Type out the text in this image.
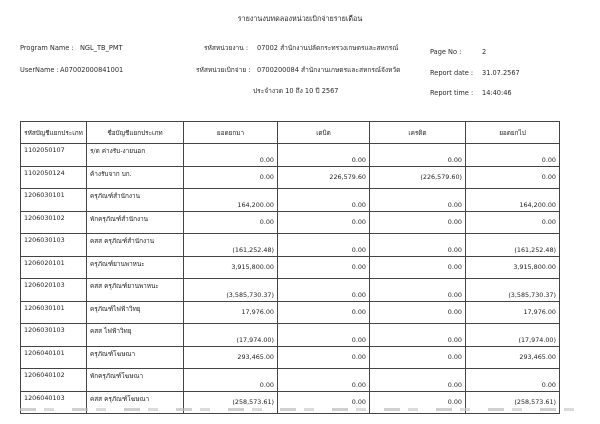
รายงานงบทดลองหน่วยเบิกจ่ายรายเดือน
Program Name : NGL_TB_PMT
UserName : A07002000841001
รหัสหน่วยงาน : 07002 สำนักงานปลัดกระทรวงเกษตรและสหกรณ์
รหัสหน่วยเบิกจ่าย : 0700200084 สำนักงานเกษตรและสหกรณ์จังหวัด
ประจำงวด 10 ถึง 10 ปี 2567
Page No :	2
Report date : 31.07.2567
Report time : 14:40:46
รหัสบัญชีแยกประเภท	ชื่อบัญชีแยกประเภท	ยอดยกมา	เดบิต	เครดิต	ยอดยกไป
1102050107	ร/ด ค่างรับ-งายนอก	0.00	0.00	0.00	0.00
1102050124	ค้างรับจาก บก.	0.00	226,579.60	(226,579.60)	0.00
1206030101	ครุภัณฑ์สำนักงาน	164,200.00	0.00	0.00	164,200.00
1206030102	พักครุภัณฑ์สำนักงาน	0.00	0.00	0.00	0.00
1206030103	คสส ครุภัณฑ์สำนักงาน	(161,252.48)	0.00	0.00	(161,252.48)
1206020101	ครุภัณฑ์ยานพาหนะ	3,915,800.00	0.00	0.00	3,915,800.00
1206020103	คสส ครุภัณฑ์ยานพาหนะ	(3,585,730.37)	0.00	0.00	(3,585,730.37)
1206030101	ครุภัณฑ์ไฟฟ้าวิทยุ	17,976.00	0.00	0.00	17,976.00
1206030103	คสส ไฟฟ้าวิทยุ	(17,974.00)	0.00	0.00	(17,974.00)
1206040101	ครุภัณฑ์โฆษณา	293,465.00	0.00	0.00	293,465.00
1206040102	พักครุภัณฑ์โฆษณา	0.00	0.00	0.00	0.00
1206040103	คสส ครุภัณฑ์โฆษณา	(258,573.61)	0.00	0.00	(258,573.61)
